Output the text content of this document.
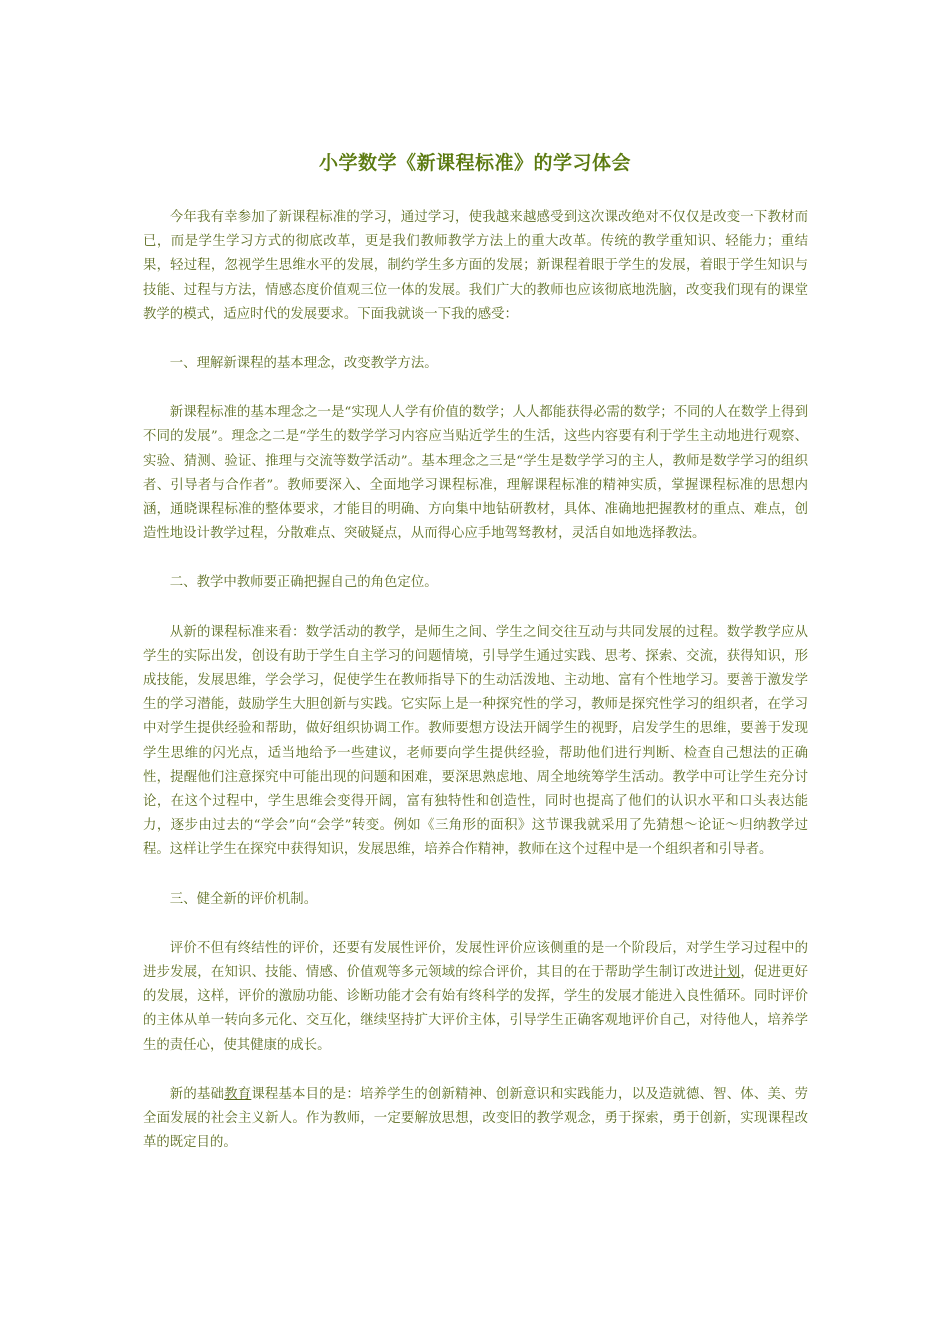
小学数学《新课程标准》的学习体会

今年我有幸参加了新课程标准的学习，通过学习，使我越来越感受到这次课改绝对不仅仅是改变一下教材而已，而是学生学习方式的彻底改革，更是我们教师教学方法上的重大改革。传统的教学重知识、轻能力；重结果，轻过程，忽视学生思维水平的发展，制约学生多方面的发展；新课程着眼于学生的发展，着眼于学生知识与技能、过程与方法，情感态度价值观三位一体的发展。我们广大的教师也应该彻底地洗脑，改变我们现有的课堂教学的模式，适应时代的发展要求。下面我就谈一下我的感受：

一、理解新课程的基本理念，改变教学方法。

新课程标准的基本理念之一是“实现人人学有价值的数学；人人都能获得必需的数学；不同的人在数学上得到不同的发展”。理念之二是“学生的数学学习内容应当贴近学生的生活，这些内容要有利于学生主动地进行观察、实验、猜测、验证、推理与交流等数学活动”。基本理念之三是“学生是数学学习的主人，教师是数学学习的组织者、引导者与合作者”。教师要深入、全面地学习课程标准，理解课程标准的精神实质，掌握课程标准的思想内涵，通晓课程标准的整体要求，才能目的明确、方向集中地钻研教材，具体、准确地把握教材的重点、难点，创造性地设计教学过程，分散难点、突破疑点，从而得心应手地驾驽教材，灵活自如地选择教法。

二、教学中教师要正确把握自己的角色定位。

从新的课程标准来看：数学活动的教学，是师生之间、学生之间交往互动与共同发展的过程。数学教学应从学生的实际出发，创设有助于学生自主学习的问题情境，引导学生通过实践、思考、探索、交流，获得知识，形成技能，发展思维，学会学习，促使学生在教师指导下的生动活泼地、主动地、富有个性地学习。要善于激发学生的学习潜能，鼓励学生大胆创新与实践。它实际上是一种探究性的学习，教师是探究性学习的组织者，在学习中对学生提供经验和帮助，做好组织协调工作。教师要想方设法开阔学生的视野，启发学生的思维，要善于发现学生思维的闪光点，适当地给予一些建议，老师要向学生提供经验，帮助他们进行判断、检查自己想法的正确性，提醒他们注意探究中可能出现的问题和困难，要深思熟虑地、周全地统筹学生活动。教学中可让学生充分讨论，在这个过程中，学生思维会变得开阔，富有独特性和创造性，同时也提高了他们的认识水平和口头表达能力，逐步由过去的“学会”向“会学”转变。例如《三角形的面积》这节课我就采用了先猜想～论证～归纳教学过程。这样让学生在探究中获得知识，发展思维，培养合作精神，教师在这个过程中是一个组织者和引导者。

三、健全新的评价机制。

评价不但有终结性的评价，还要有发展性评价，发展性评价应该侧重的是一个阶段后，对学生学习过程中的进步发展，在知识、技能、情感、价值观等多元领域的综合评价，其目的在于帮助学生制订改进计划，促进更好的发展，这样，评价的激励功能、诊断功能才会有始有终科学的发挥，学生的发展才能进入良性循环。同时评价的主体从单一转向多元化、交互化，继续坚持扩大评价主体，引导学生正确客观地评价自己，对待他人，培养学生的责任心，使其健康的成长。

新的基础教育课程基本目的是：培养学生的创新精神、创新意识和实践能力，以及造就德、智、体、美、劳全面发展的社会主义新人。作为教师，一定要解放思想，改变旧的教学观念，勇于探索，勇于创新，实现课程改革的既定目的。
